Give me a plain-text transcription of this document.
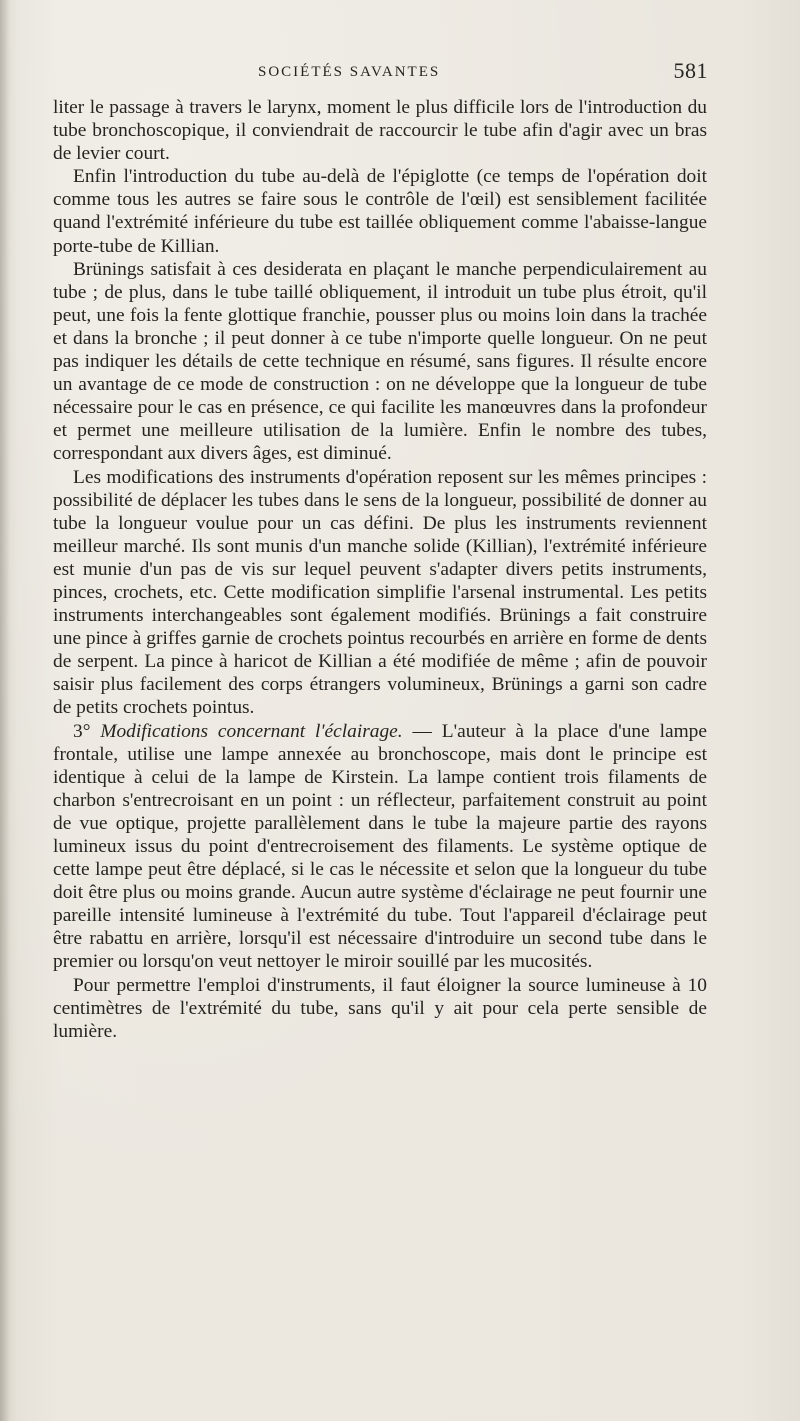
SOCIÉTÉS SAVANTES	581

liter le passage à travers le larynx, moment le plus difficile lors de l'introduction du tube bronchoscopique, il conviendrait de raccourcir le tube afin d'agir avec un bras de levier court.

Enfin l'introduction du tube au-delà de l'épiglotte (ce temps de l'opération doit comme tous les autres se faire sous le contrôle de l'œil) est sensiblement facilitée quand l'extrémité inférieure du tube est taillée obliquement comme l'abaisse-langue porte-tube de Killian.

Brünings satisfait à ces desiderata en plaçant le manche perpendiculairement au tube ; de plus, dans le tube taillé obliquement, il introduit un tube plus étroit, qu'il peut, une fois la fente glottique franchie, pousser plus ou moins loin dans la trachée et dans la bronche ; il peut donner à ce tube n'importe quelle longueur. On ne peut pas indiquer les détails de cette technique en résumé, sans figures. Il résulte encore un avantage de ce mode de construction : on ne développe que la longueur de tube nécessaire pour le cas en présence, ce qui facilite les manœuvres dans la profondeur et permet une meilleure utilisation de la lumière. Enfin le nombre des tubes, correspondant aux divers âges, est diminué.

Les modifications des instruments d'opération reposent sur les mêmes principes : possibilité de déplacer les tubes dans le sens de la longueur, possibilité de donner au tube la longueur voulue pour un cas défini. De plus les instruments reviennent meilleur marché. Ils sont munis d'un manche solide (Killian), l'extrémité inférieure est munie d'un pas de vis sur lequel peuvent s'adapter divers petits instruments, pinces, crochets, etc. Cette modification simplifie l'arsenal instrumental. Les petits instruments interchangeables sont également modifiés. Brünings a fait construire une pince à griffes garnie de crochets pointus recourbés en arrière en forme de dents de serpent. La pince à haricot de Killian a été modifiée de même ; afin de pouvoir saisir plus facilement des corps étrangers volumineux, Brünings a garni son cadre de petits crochets pointus.

3° Modifications concernant l'éclairage. — L'auteur à la place d'une lampe frontale, utilise une lampe annexée au bronchoscope, mais dont le principe est identique à celui de la lampe de Kirstein. La lampe contient trois filaments de charbon s'entrecroisant en un point : un réflecteur, parfaitement construit au point de vue optique, projette parallèlement dans le tube la majeure partie des rayons lumineux issus du point d'entrecroisement des filaments. Le système optique de cette lampe peut être déplacé, si le cas le nécessite et selon que la longueur du tube doit être plus ou moins grande. Aucun autre système d'éclairage ne peut fournir une pareille intensité lumineuse à l'extrémité du tube. Tout l'appareil d'éclairage peut être rabattu en arrière, lorsqu'il est nécessaire d'introduire un second tube dans le premier ou lorsqu'on veut nettoyer le miroir souillé par les mucosités.

Pour permettre l'emploi d'instruments, il faut éloigner la source lumineuse à 10 centimètres de l'extrémité du tube, sans qu'il y ait pour cela perte sensible de lumière.
